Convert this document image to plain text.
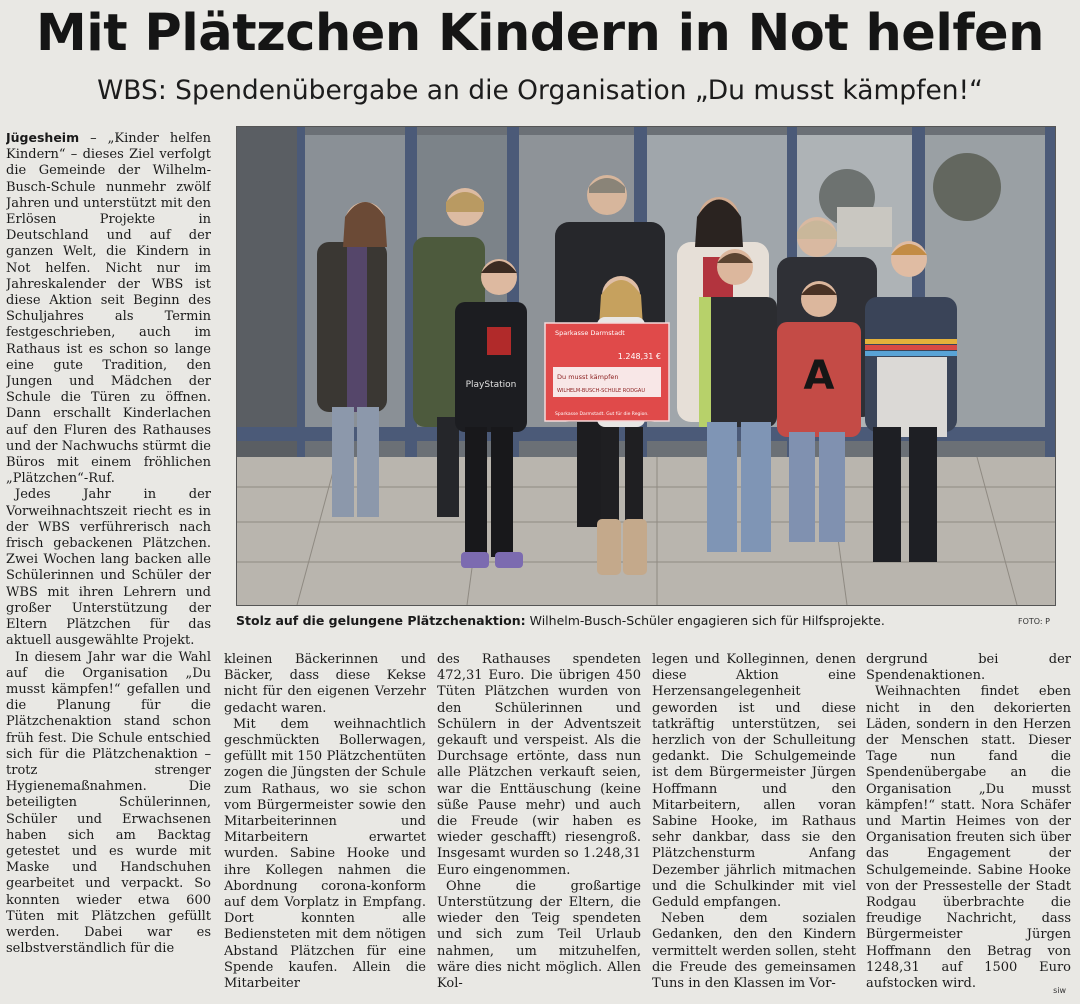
Mit Plätzchen Kindern in Not helfen
WBS: Spendenübergabe an die Organisation „Du musst kämpfen!“

Jügesheim – „Kinder helfen Kindern“ – dieses Ziel verfolgt die Gemeinde der Wilhelm-Busch-Schule nunmehr zwölf Jahren und unterstützt mit den Erlösen Projekte in Deutschland und auf der ganzen Welt, die Kindern in Not helfen. Nicht nur im Jahreskalender der WBS ist diese Aktion seit Beginn des Schuljahres als Termin festgeschrieben, auch im Rathaus ist es schon so lange eine gute Tradition, den Jungen und Mädchen der Schule die Türen zu öffnen. Dann erschallt Kinderlachen auf den Fluren des Rathauses und der Nachwuchs stürmt die Büros mit einem fröhlichen „Plätzchen“-Ruf.

Jedes Jahr in der Vorweihnachtszeit riecht es in der WBS verführerisch nach frisch gebackenen Plätzchen. Zwei Wochen lang backen alle Schülerinnen und Schüler der WBS mit ihren Lehrern und großer Unterstützung der Eltern Plätzchen für das aktuell ausgewählte Projekt.

In diesem Jahr war die Wahl auf die Organisation „Du musst kämpfen!“ gefallen und die Planung für die Plätzchenaktion stand schon früh fest. Die Schule entschied sich für die Plätzchenaktion – trotz strenger Hygienemaßnahmen. Die beteiligten Schülerinnen, Schüler und Erwachsenen haben sich am Backtag getestet und es wurde mit Maske und Handschuhen gearbeitet und verpackt. So konnten wieder etwa 600 Tüten mit Plätzchen gefüllt werden. Dabei war es selbstverständlich für die

PlayStation	A
Sparkasse Darmstadt
1.248,31 €
Du musst kämpfen
WILHELM-BUSCH-SCHULE RODGAU
Sparkasse Darmstadt. Gut für die Region.
Stolz auf die gelungene Plätzchenaktion: Wilhelm-Busch-Schüler engagieren sich für Hilfsprojekte.	FOTO: P

kleinen Bäckerinnen und Bäcker, dass diese Kekse nicht für den eigenen Verzehr gedacht waren.

Mit dem weihnachtlich geschmückten Bollerwagen, gefüllt mit 150 Plätzchentüten zogen die Jüngsten der Schule zum Rathaus, wo sie schon vom Bürgermeister sowie den Mitarbeiterinnen und Mitarbeitern erwartet wurden. Sabine Hooke und ihre Kollegen nahmen die Abordnung corona-konform auf dem Vorplatz in Empfang. Dort konnten alle Bediensteten mit dem nötigen Abstand Plätzchen für eine Spende kaufen. Allein die Mitarbeiter

des Rathauses spendeten 472,31 Euro. Die übrigen 450 Tüten Plätzchen wurden von den Schülerinnen und Schülern in der Adventszeit gekauft und verspeist. Als die Durchsage ertönte, dass nun alle Plätzchen verkauft seien, war die Enttäuschung (keine süße Pause mehr) und auch die Freude (wir haben es wieder geschafft) riesengroß. Insgesamt wurden so 1.248,31 Euro eingenommen.

Ohne die großartige Unterstützung der Eltern, die wieder den Teig spendeten und sich zum Teil Urlaub nahmen, um mitzuhelfen, wäre dies nicht möglich. Allen Kol-

legen und Kolleginnen, denen diese Aktion eine Herzensangelegenheit geworden ist und diese tatkräftig unterstützen, sei herzlich von der Schulleitung gedankt. Die Schulgemeinde ist dem Bürgermeister Jürgen Hoffmann und den Mitarbeitern, allen voran Sabine Hooke, im Rathaus sehr dankbar, dass sie den Plätzchensturm Anfang Dezember jährlich mitmachen und die Schulkinder mit viel Geduld empfangen.

Neben dem sozialen Gedanken, den den Kindern vermittelt werden sollen, steht die Freude des gemeinsamen Tuns in den Klassen im Vor-

dergrund bei der Spendenaktionen.

Weihnachten findet eben nicht in den dekorierten Läden, sondern in den Herzen der Menschen statt. Dieser Tage nun fand die Spendenübergabe an die Organisation „Du musst kämpfen!“ statt. Nora Schäfer und Martin Heimes von der Organisation freuten sich über das Engagement der Schulgemeinde. Sabine Hooke von der Pressestelle der Stadt Rodgau überbrachte die freudige Nachricht, dass Bürgermeister Jürgen Hoffmann den Betrag von 1248,31 auf 1500 Euro aufstocken wird.	siw
